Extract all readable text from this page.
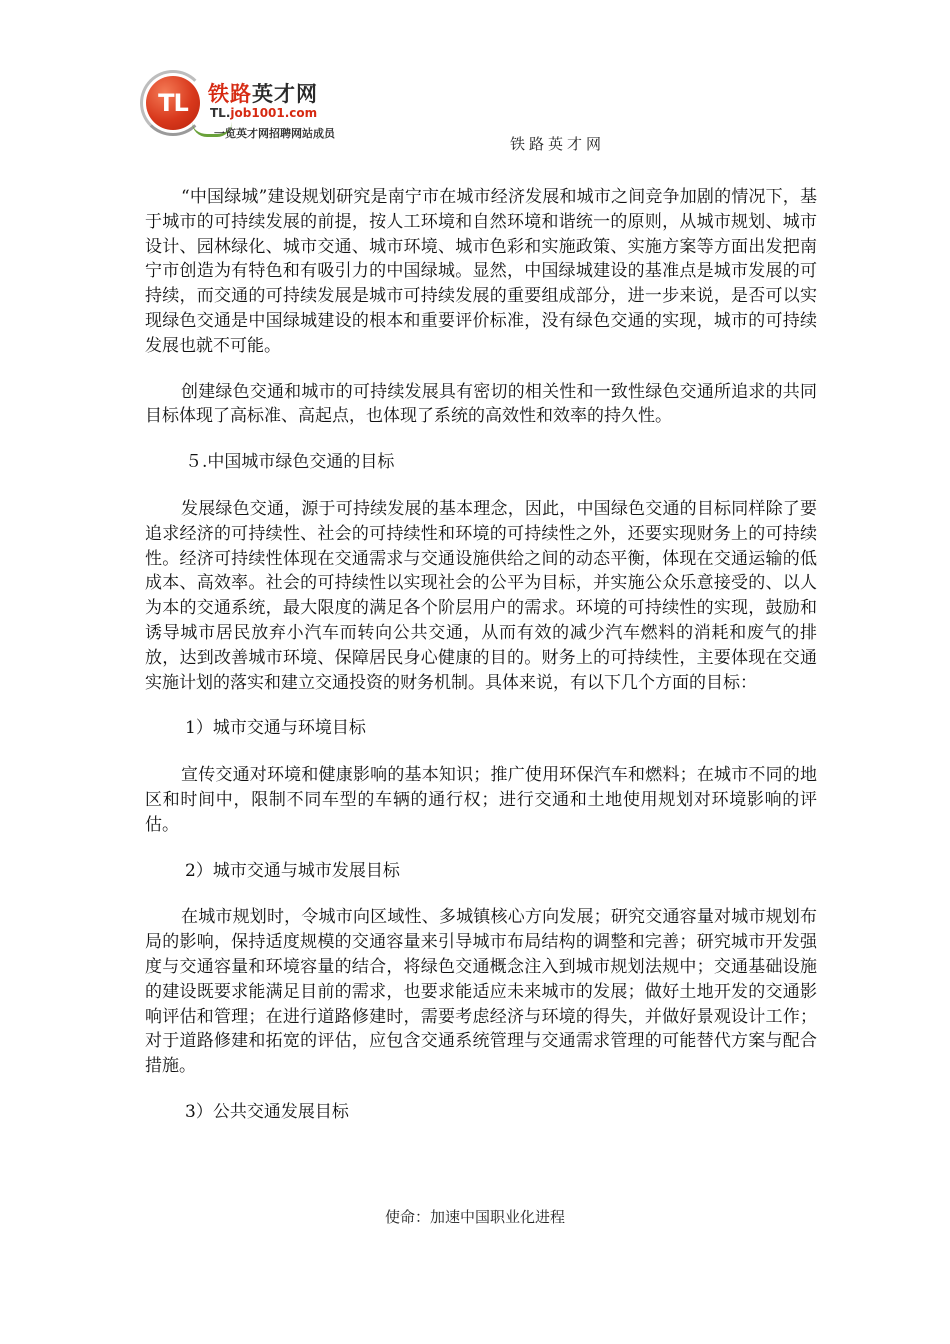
TL 铁路英才网
TL.job1001.com
一览英才网招聘网站成员
铁路英才网

“中国绿城”建设规划研究是南宁市在城市经济发展和城市之间竞争加剧的情况下，基于城市的可持续发展的前提，按人工环境和自然环境和谐统一的原则，从城市规划、城市设计、园林绿化、城市交通、城市环境、城市色彩和实施政策、实施方案等方面出发把南宁市创造为有特色和有吸引力的中国绿城。显然，中国绿城建设的基准点是城市发展的可持续，而交通的可持续发展是城市可持续发展的重要组成部分，进一步来说，是否可以实现绿色交通是中国绿城建设的根本和重要评价标准，没有绿色交通的实现，城市的可持续发展也就不可能。

创建绿色交通和城市的可持续发展具有密切的相关性和一致性绿色交通所追求的共同目标体现了高标准、高起点，也体现了系统的高效性和效率的持久性。

５.中国城市绿色交通的目标

发展绿色交通，源于可持续发展的基本理念，因此，中国绿色交通的目标同样除了要追求经济的可持续性、社会的可持续性和环境的可持续性之外，还要实现财务上的可持续性。经济可持续性体现在交通需求与交通设施供给之间的动态平衡，体现在交通运输的低成本、高效率。社会的可持续性以实现社会的公平为目标，并实施公众乐意接受的、以人为本的交通系统，最大限度的满足各个阶层用户的需求。环境的可持续性的实现，鼓励和诱导城市居民放弃小汽车而转向公共交通，从而有效的减少汽车燃料的消耗和废气的排放，达到改善城市环境、保障居民身心健康的目的。财务上的可持续性，主要体现在交通实施计划的落实和建立交通投资的财务机制。具体来说，有以下几个方面的目标：

1）城市交通与环境目标

宣传交通对环境和健康影响的基本知识；推广使用环保汽车和燃料；在城市不同的地区和时间中，限制不同车型的车辆的通行权；进行交通和土地使用规划对环境影响的评估。

2）城市交通与城市发展目标

在城市规划时，令城市向区域性、多城镇核心方向发展；研究交通容量对城市规划布局的影响，保持适度规模的交通容量来引导城市布局结构的调整和完善；研究城市开发强度与交通容量和环境容量的结合，将绿色交通概念注入到城市规划法规中；交通基础设施的建设既要求能满足目前的需求，也要求能适应未来城市的发展；做好土地开发的交通影响评估和管理；在进行道路修建时，需要考虑经济与环境的得失，并做好景观设计工作；对于道路修建和拓宽的评估，应包含交通系统管理与交通需求管理的可能替代方案与配合措施。

3）公共交通发展目标

使命：加速中国职业化进程
